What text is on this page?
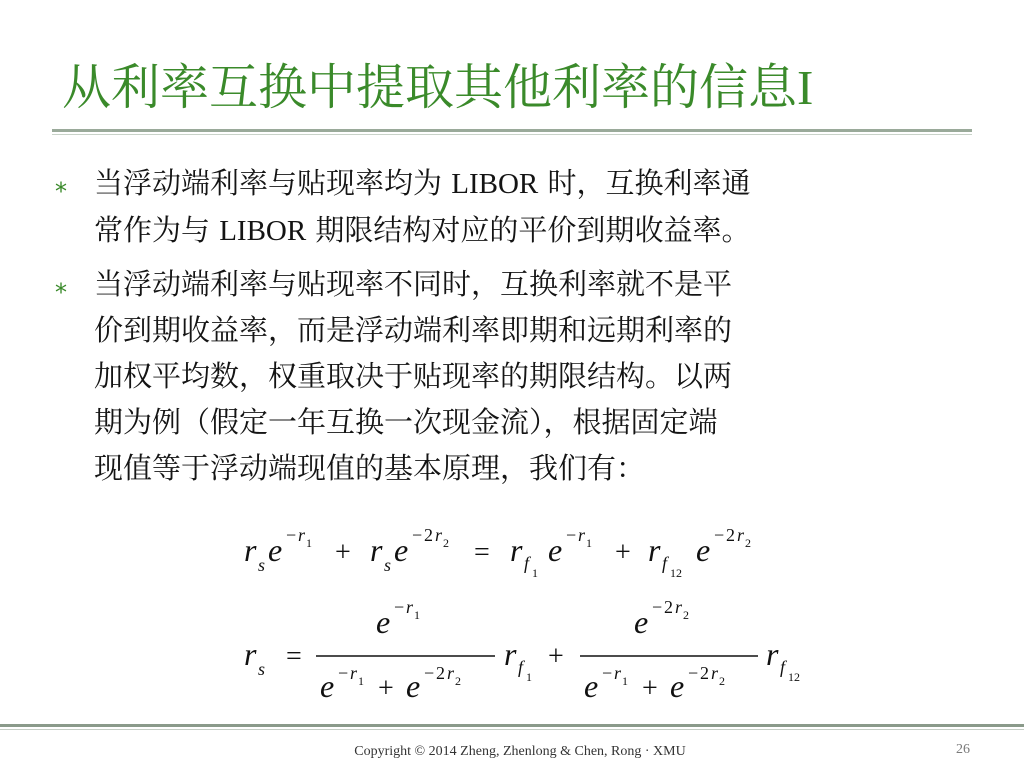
从利率互换中提取其他利率的信息I
⁎ 当浮动端利率与贴现率均为 LIBOR 时，互换利率通
常作为与 LIBOR 期限结构对应的平价到期收益率。
⁎ 当浮动端利率与贴现率不同时，互换利率就不是平
价到期收益率，而是浮动端利率即期和远期利率的
加权平均数，权重取决于贴现率的期限结构。以两
期为例（假定一年互换一次现金流），根据固定端
现值等于浮动端现值的基本原理，我们有：
r s e − r 1 + r s e − 2 r 2 = r f 1
e − r 1 + r f 12
e − 2 r 2
r s =
e − r 1
e − r 1 + e − 2 r 2
r f 1
+
e − 2 r 2
e − r 1 + e − 2 r 2
r f 12
Copyright © 2014 Zheng, Zhenlong & Chen, Rong · XMU	26
